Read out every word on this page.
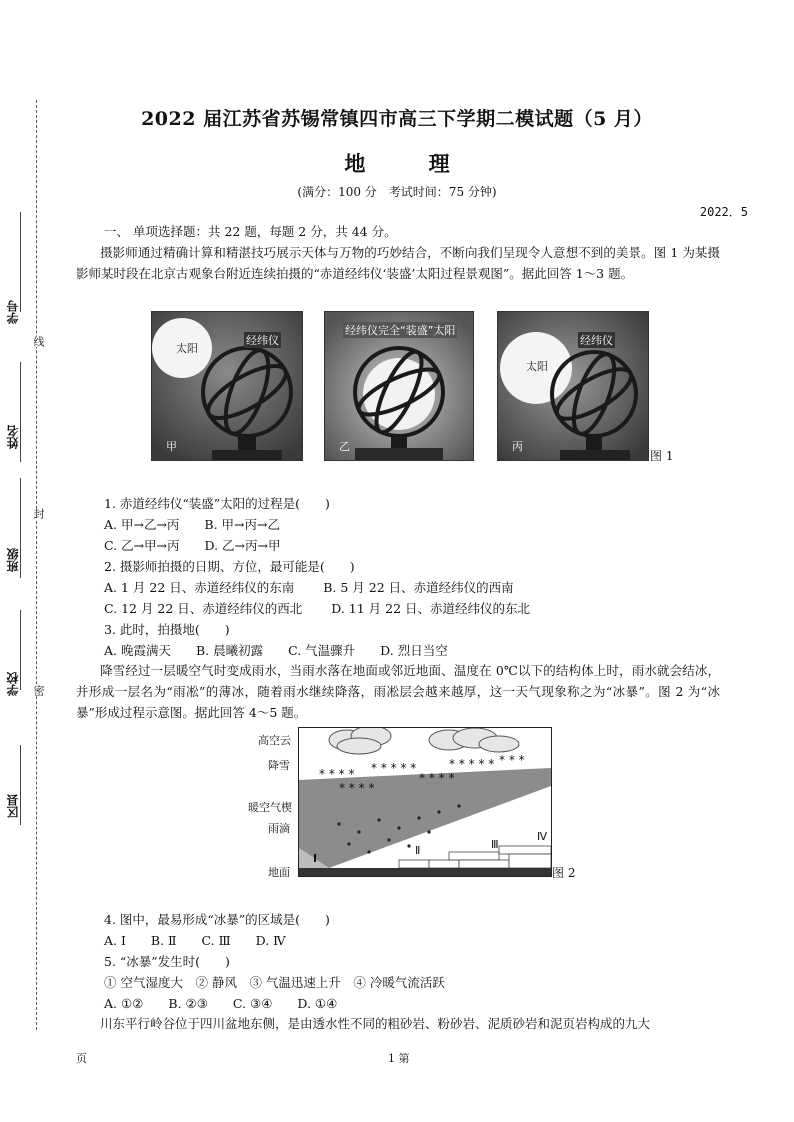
学号
姓名
班级
学校
区县
线
封
密
2022 届江苏省苏锡常镇四市高三下学期二模试题（5 月）
地 理
(满分：100 分　考试时间：75 分钟)
2022．5
一、 单项选择题：共 22 题，每题 2 分，共 44 分。
摄影师通过精确计算和精湛技巧展示天体与万物的巧妙结合，不断向我们呈现令人意想不到的美景。图 1 为某摄影师某时段在北京古观象台附近连续拍摄的“赤道经纬仪‘装盛’太阳过程景观图”。据此回答 1～3 题。
太阳
经纬仪
甲
经纬仪完全“装盛”太阳
乙
太阳
经纬仪
丙
图 1
1. 赤道经纬仪“装盛”太阳的过程是(　　)
A. 甲→乙→丙　　B. 甲→丙→乙
C. 乙→甲→丙　　D. 乙→丙→甲
2. 摄影师拍摄的日期、方位，最可能是(　　)
A. 1 月 22 日、赤道经纬仪的东南　　 B. 5 月 22 日、赤道经纬仪的西南
C. 12 月 22 日、赤道经纬仪的西北　　 D. 11 月 22 日、赤道经纬仪的东北
3. 此时，拍摄地(　　)
A. 晚霞满天　　B. 晨曦初露　　C. 气温骤升　　D. 烈日当空
降雪经过一层暖空气时变成雨水，当雨水落在地面或邻近地面、温度在 0℃以下的结构体上时，雨水就会结冰，并形成一层名为“雨凇”的薄冰，随着雨水继续降落，雨凇层会越来越厚，这一天气现象称之为“冰暴”。图 2 为“冰暴”形成过程示意图。据此回答 4～5 题。
* * * * * * * * *	* * * * *
* * * *
* * * *
* * *
Ⅰ
Ⅱ	Ⅲ
Ⅳ
高空云
降雪
暖空气楔
雨滴
地面	图 2
4. 图中，最易形成“冰暴”的区域是(　　)
A. Ⅰ　　B. Ⅱ　　C. Ⅲ　　D. Ⅳ
5. “冰暴”发生时(　　)
① 空气湿度大　② 静风　③ 气温迅速上升　④ 冷暖气流活跃
A. ①②　　B. ②③　　C. ③④　　D. ①④
川东平行岭谷位于四川盆地东侧，是由透水性不同的粗砂岩、粉砂岩、泥质砂岩和泥页岩构成的九大
页	1 第
